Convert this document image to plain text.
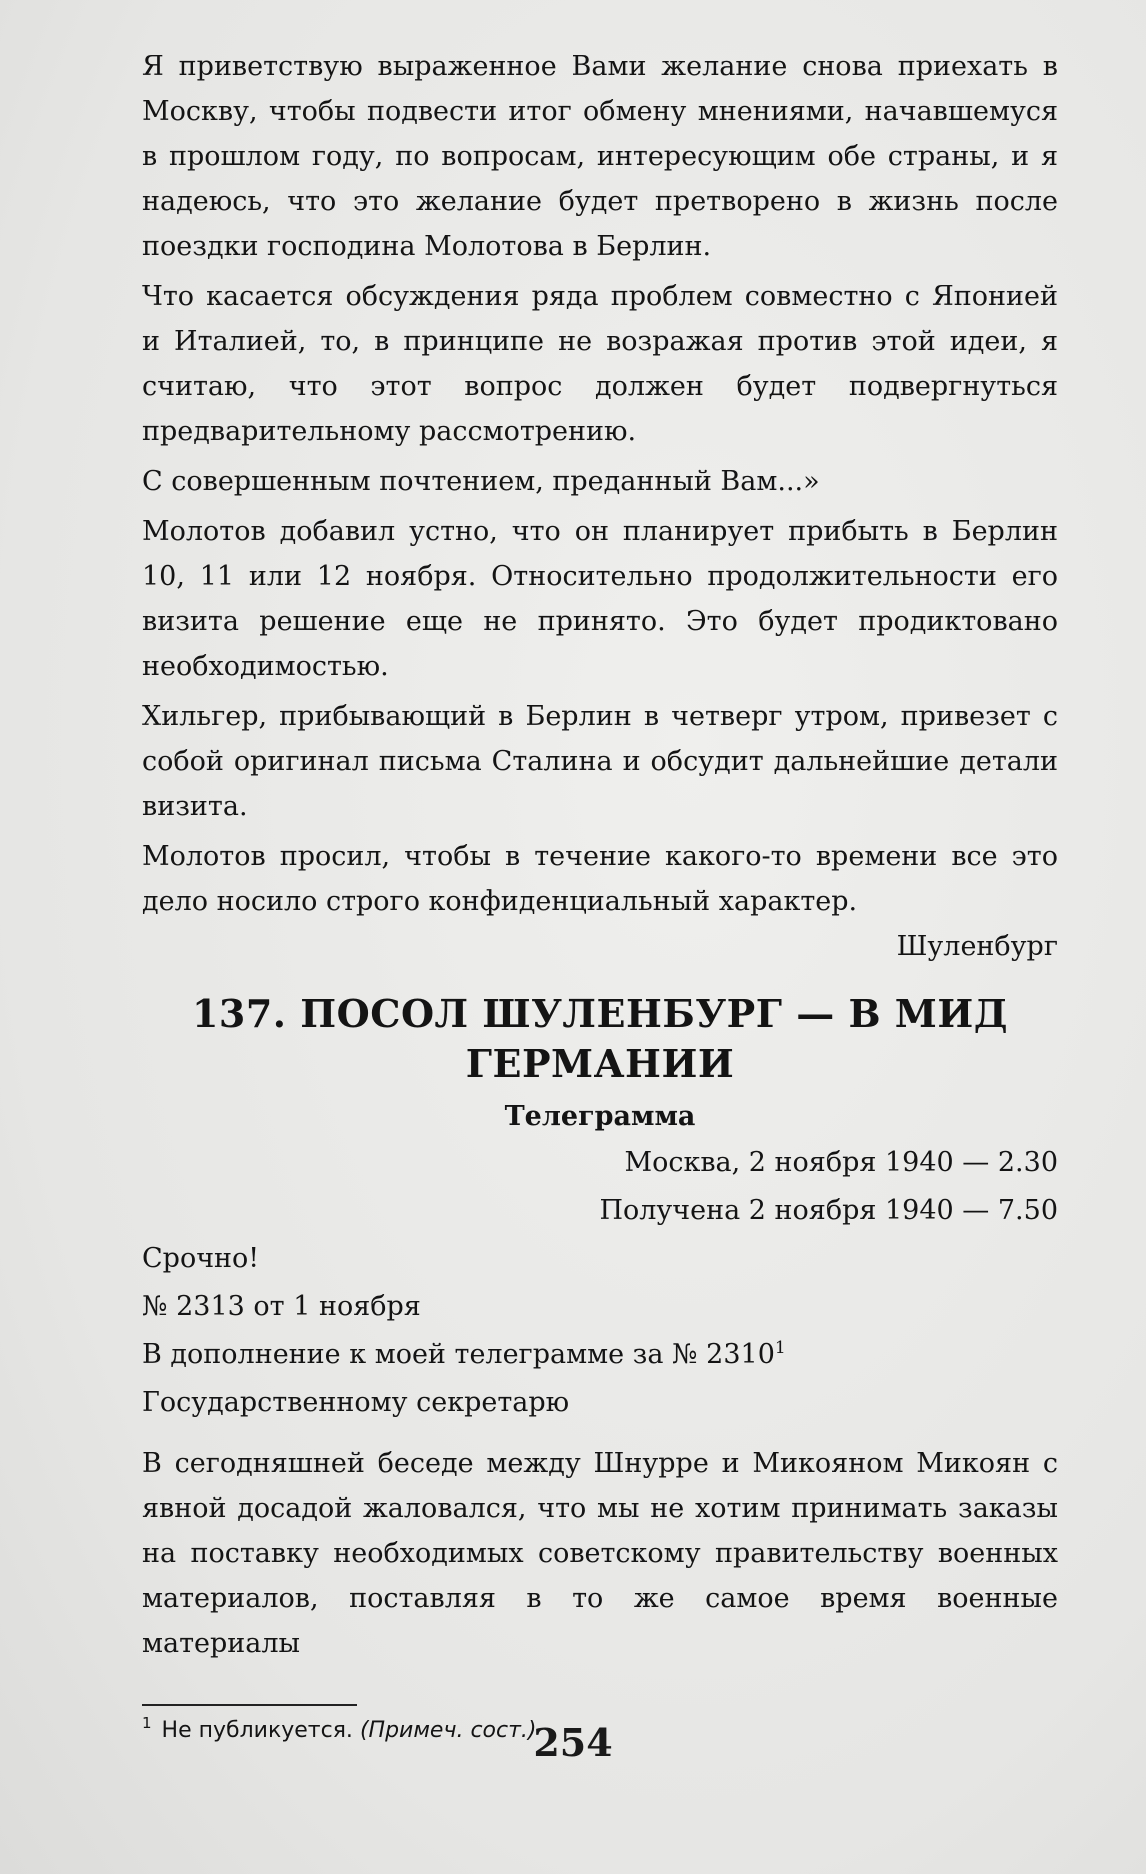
Я приветствую выраженное Вами желание снова приехать в Москву, чтобы подвести итог обмену мнениями, начавшемуся в прошлом году, по вопросам, интересующим обе страны, и я надеюсь, что это желание будет претворено в жизнь после поездки господина Молотова в Берлин.

Что касается обсуждения ряда проблем совместно с Японией и Италией, то, в принципе не возражая против этой идеи, я считаю, что этот вопрос должен будет подвергнуться предварительному рассмотрению.

С совершенным почтением, преданный Вам...»

Молотов добавил устно, что он планирует прибыть в Берлин 10, 11 или 12 ноября. Относительно продолжительности его визита решение еще не принято. Это будет продиктовано необходимостью.

Хильгер, прибывающий в Берлин в четверг утром, привезет с собой оригинал письма Сталина и обсудит дальнейшие детали визита.

Молотов просил, чтобы в течение какого-то времени все это дело носило строго конфиденциальный характер.

Шуленбург

137. ПОСОЛ ШУЛЕНБУРГ — В МИД ГЕРМАНИИ
Телеграмма

Москва, 2 ноября 1940 — 2.30

Получена 2 ноября 1940 — 7.50

Срочно!

№ 2313 от 1 ноября

В дополнение к моей телеграмме за № 2310$^1$

Государственному секретарю

В сегодняшней беседе между Шнурре и Микояном Микоян с явной досадой жаловался, что мы не хотим принимать заказы на поставку необходимых советскому правительству военных материалов, поставляя в то же самое время военные материалы

1 Не публикуется. (Примеч. сост.)

254
